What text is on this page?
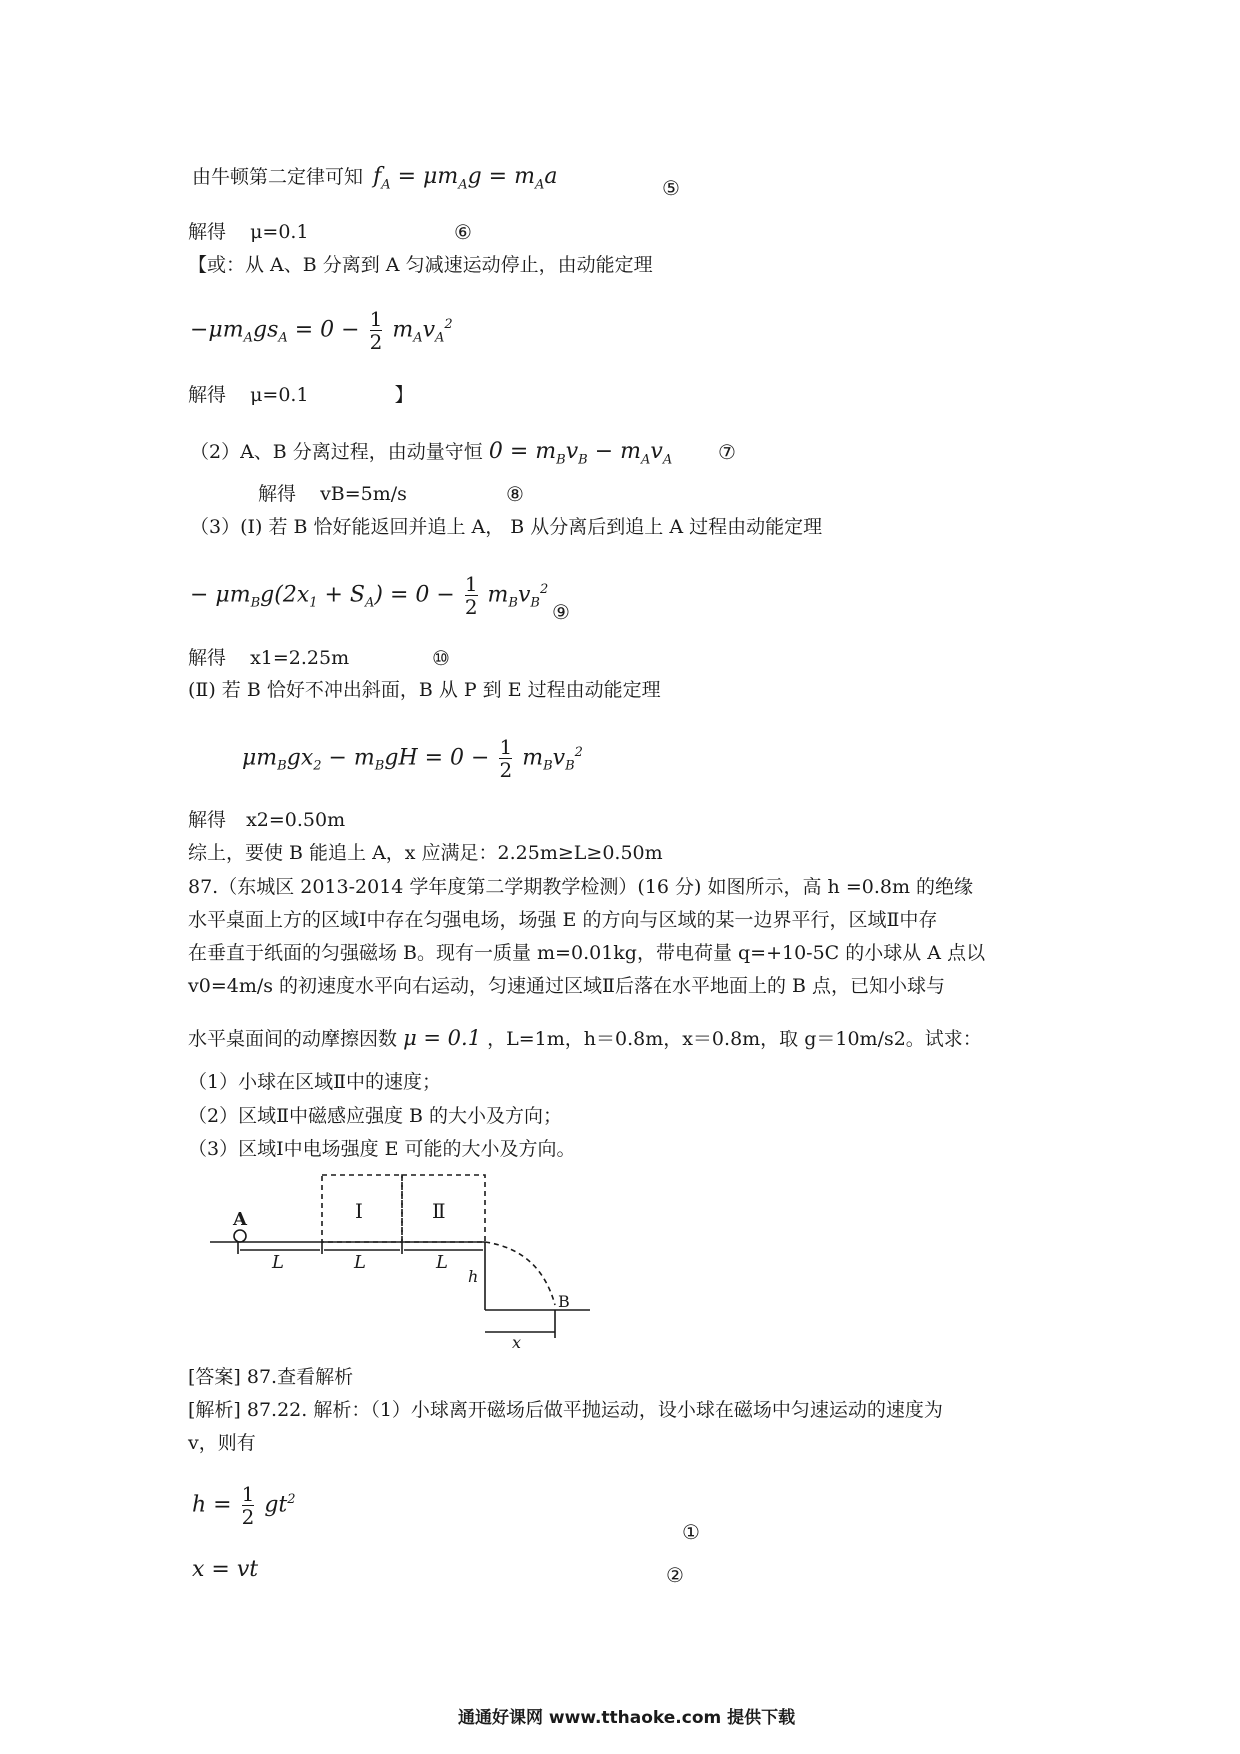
由牛顿第二定律可知 $f_A = \mu m_Ag = m_Aa$	⑤
解得 μ=0.1	⑥
【或：从 A、B 分离到 A 匀减速运动停止，由动能定理
$-\mu m_Ags_A = 0 - \frac{1}{2} m_Av_A^2$
解得 μ=0.1	】
（2）A、B 分离过程，由动量守恒 $0 = m_Bv_B - m_Av_A$ ⑦
解得 vB=5m/s	⑧
（3）(Ⅰ) 若 B 恰好能返回并追上 A， B 从分离后到追上 A 过程由动能定理
− $\mu m_Bg(2x_1 + S_A) = 0 - \frac{1}{2} m_Bv_B^2$
⑨
解得 x1=2.25m	⑩
(Ⅱ) 若 B 恰好不冲出斜面，B 从 P 到 E 过程由动能定理
$\mu m_Bgx_2 - m_BgH = 0 - \frac{1}{2} m_Bv_B^2$
解得 x2=0.50m
综上，要使 B 能追上 A，x 应满足：2.25m≥L≥0.50m
87.（东城区 2013-2014 学年度第二学期教学检测）(16 分) 如图所示，高 h =0.8m 的绝缘
水平桌面上方的区域Ⅰ中存在匀强电场，场强 E 的方向与区域的某一边界平行，区域Ⅱ中存
在垂直于纸面的匀强磁场 B。现有一质量 m=0.01kg，带电荷量 q=+10-5C 的小球从 A 点以
v0=4m/s 的初速度水平向右运动，匀速通过区域Ⅱ后落在水平地面上的 B 点，已知小球与
水平桌面间的动摩擦因数 μ = 0.1 ，L=1m，h＝0.8m，x＝0.8m，取 g＝10m/s2。试求：
（1）小球在区域Ⅱ中的速度；
（2）区域Ⅱ中磁感应强度 B 的大小及方向；
（3）区域Ⅰ中电场强度 E 可能的大小及方向。
A	Ⅰ	Ⅱ
L	L	L
h
B
x
[答案] 87.查看解析
[解析] 87.22. 解析：（1）小球离开磁场后做平抛运动，设小球在磁场中匀速运动的速度为
v，则有
$h = \frac{1}{2} gt^2$
①
x = vt	②
通通好课网 www.tthaoke.com 提供下载
